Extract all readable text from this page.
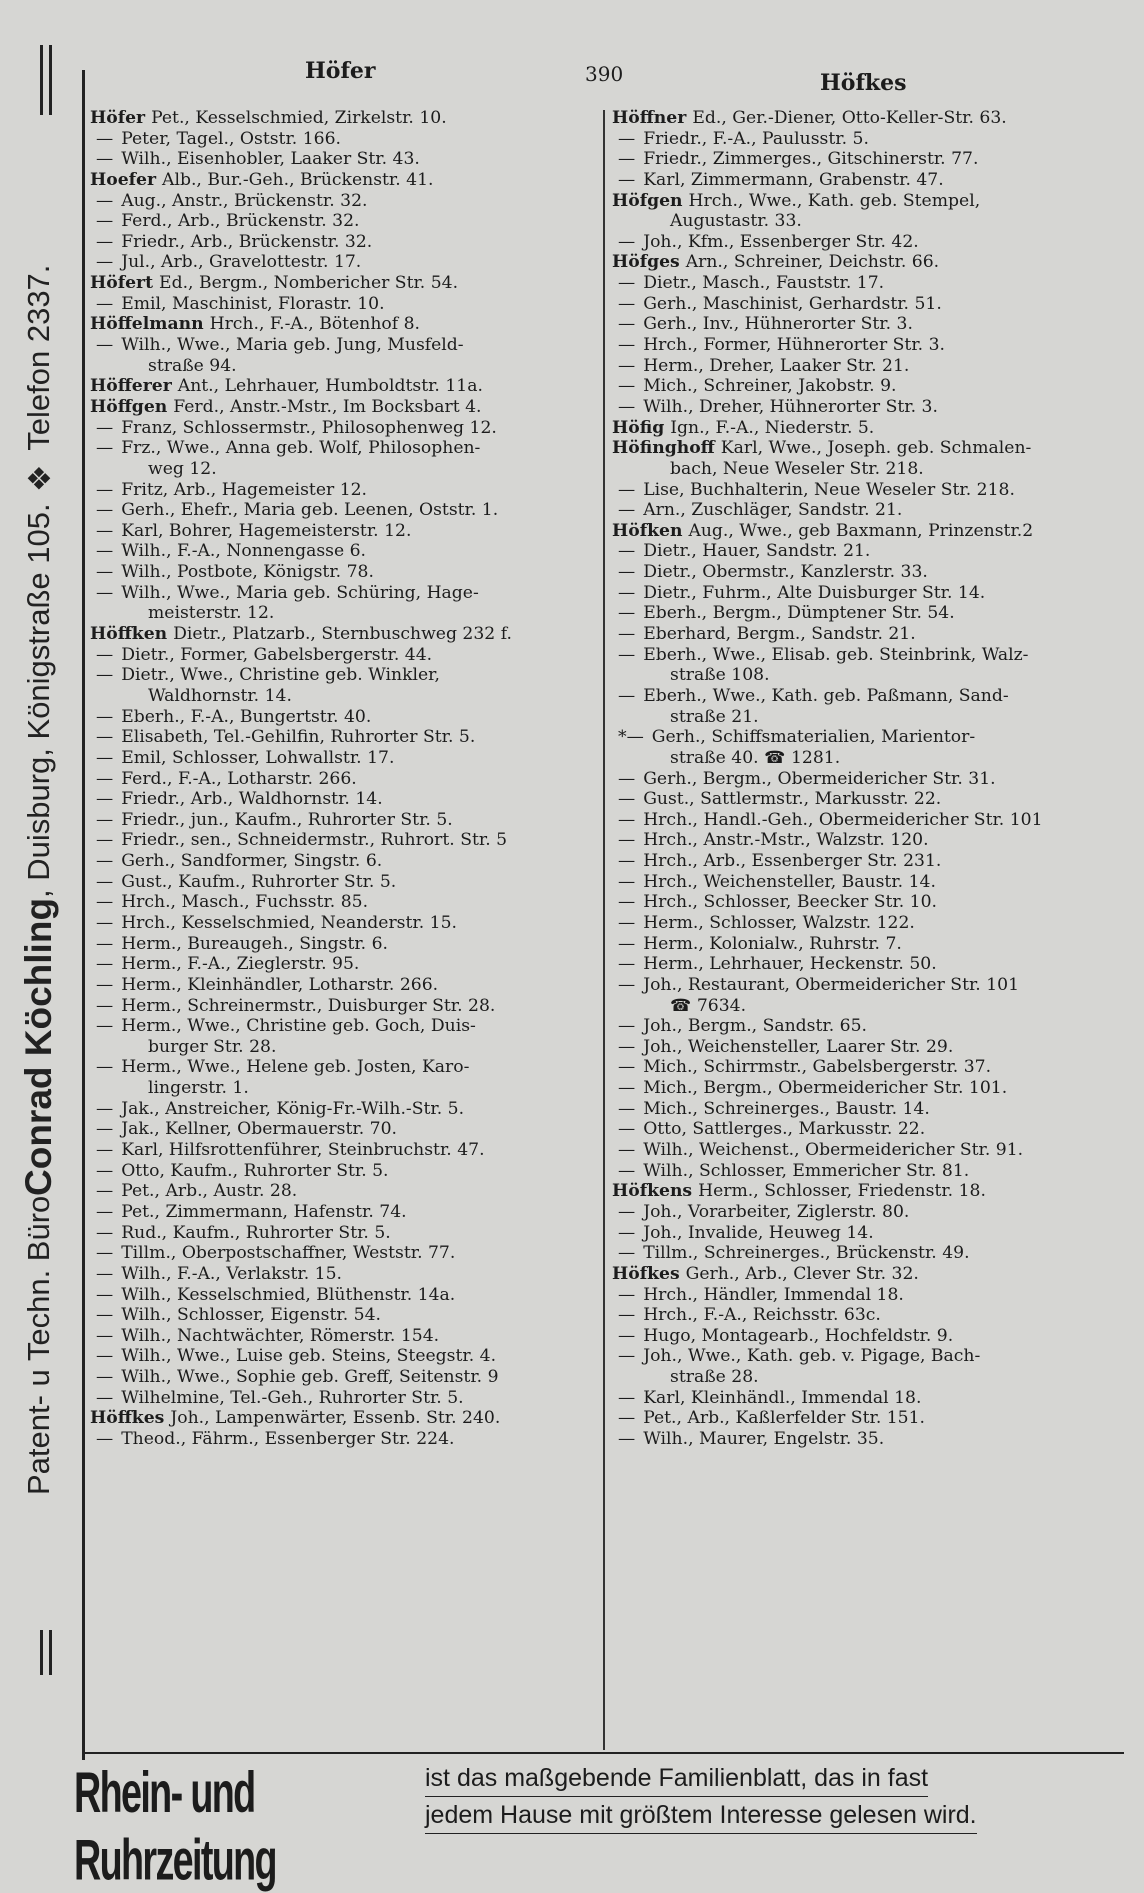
Patent- u Techn. Büro
Conrad Köchling
, Duisburg, Königstraße 105. ❖ Telefon 2337.
Höfer	390	Höfkes
Höfer Pet., Kesselschmied, Zirkelstr. 10.
— Peter, Tagel., Oststr. 166.
— Wilh., Eisenhobler, Laaker Str. 43.
Hoefer Alb., Bur.-Geh., Brückenstr. 41.
— Aug., Anstr., Brückenstr. 32.
— Ferd., Arb., Brückenstr. 32.
— Friedr., Arb., Brückenstr. 32.
— Jul., Arb., Gravelottestr. 17.
Höfert Ed., Bergm., Nombericher Str. 54.
— Emil, Maschinist, Florastr. 10.
Höffelmann Hrch., F.-A., Bötenhof 8.
— Wilh., Wwe., Maria geb. Jung, Musfeld-
straße 94.
Höfferer Ant., Lehrhauer, Humboldtstr. 11a.
Höffgen Ferd., Anstr.-Mstr., Im Bocksbart 4.
— Franz, Schlossermstr., Philosophenweg 12.
— Frz., Wwe., Anna geb. Wolf, Philosophen-
weg 12.
— Fritz, Arb., Hagemeister 12.
— Gerh., Ehefr., Maria geb. Leenen, Oststr. 1.
— Karl, Bohrer, Hagemeisterstr. 12.
— Wilh., F.-A., Nonnengasse 6.
— Wilh., Postbote, Königstr. 78.
— Wilh., Wwe., Maria geb. Schüring, Hage-
meisterstr. 12.
Höffken Dietr., Platzarb., Sternbuschweg 232 f.
— Dietr., Former, Gabelsbergerstr. 44.
— Dietr., Wwe., Christine geb. Winkler,
Waldhornstr. 14.
— Eberh., F.-A., Bungertstr. 40.
— Elisabeth, Tel.-Gehilfin, Ruhrorter Str. 5.
— Emil, Schlosser, Lohwallstr. 17.
— Ferd., F.-A., Lotharstr. 266.
— Friedr., Arb., Waldhornstr. 14.
— Friedr., jun., Kaufm., Ruhrorter Str. 5.
— Friedr., sen., Schneidermstr., Ruhrort. Str. 5
— Gerh., Sandformer, Singstr. 6.
— Gust., Kaufm., Ruhrorter Str. 5.
— Hrch., Masch., Fuchsstr. 85.
— Hrch., Kesselschmied, Neanderstr. 15.
— Herm., Bureaugeh., Singstr. 6.
— Herm., F.-A., Zieglerstr. 95.
— Herm., Kleinhändler, Lotharstr. 266.
— Herm., Schreinermstr., Duisburger Str. 28.
— Herm., Wwe., Christine geb. Goch, Duis-
burger Str. 28.
— Herm., Wwe., Helene geb. Josten, Karo-
lingerstr. 1.
— Jak., Anstreicher, König-Fr.-Wilh.-Str. 5.
— Jak., Kellner, Obermauerstr. 70.
— Karl, Hilfsrottenführer, Steinbruchstr. 47.
— Otto, Kaufm., Ruhrorter Str. 5.
— Pet., Arb., Austr. 28.
— Pet., Zimmermann, Hafenstr. 74.
— Rud., Kaufm., Ruhrorter Str. 5.
— Tillm., Oberpostschaffner, Weststr. 77.
— Wilh., F.-A., Verlakstr. 15.
— Wilh., Kesselschmied, Blüthenstr. 14a.
— Wilh., Schlosser, Eigenstr. 54.
— Wilh., Nachtwächter, Römerstr. 154.
— Wilh., Wwe., Luise geb. Steins, Steegstr. 4.
— Wilh., Wwe., Sophie geb. Greff, Seitenstr. 9
— Wilhelmine, Tel.-Geh., Ruhrorter Str. 5.
Höffkes Joh., Lampenwärter, Essenb. Str. 240.
— Theod., Fährm., Essenberger Str. 224.
Höffner Ed., Ger.-Diener, Otto-Keller-Str. 63.
— Friedr., F.-A., Paulusstr. 5.
— Friedr., Zimmerges., Gitschinerstr. 77.
— Karl, Zimmermann, Grabenstr. 47.
Höfgen Hrch., Wwe., Kath. geb. Stempel,
Augustastr. 33.
— Joh., Kfm., Essenberger Str. 42.
Höfges Arn., Schreiner, Deichstr. 66.
— Dietr., Masch., Fauststr. 17.
— Gerh., Maschinist, Gerhardstr. 51.
— Gerh., Inv., Hühnerorter Str. 3.
— Hrch., Former, Hühnerorter Str. 3.
— Herm., Dreher, Laaker Str. 21.
— Mich., Schreiner, Jakobstr. 9.
— Wilh., Dreher, Hühnerorter Str. 3.
Höfig Ign., F.-A., Niederstr. 5.
Höfinghoff Karl, Wwe., Joseph. geb. Schmalen-
bach, Neue Weseler Str. 218.
— Lise, Buchhalterin, Neue Weseler Str. 218.
— Arn., Zuschläger, Sandstr. 21.
Höfken Aug., Wwe., geb Baxmann, Prinzenstr.2
— Dietr., Hauer, Sandstr. 21.
— Dietr., Obermstr., Kanzlerstr. 33.
— Dietr., Fuhrm., Alte Duisburger Str. 14.
— Eberh., Bergm., Dümptener Str. 54.
— Eberhard, Bergm., Sandstr. 21.
— Eberh., Wwe., Elisab. geb. Steinbrink, Walz-
straße 108.
— Eberh., Wwe., Kath. geb. Paßmann, Sand-
straße 21.
*— Gerh., Schiffsmaterialien, Marientor-
straße 40. ☎ 1281.
— Gerh., Bergm., Obermeidericher Str. 31.
— Gust., Sattlermstr., Markusstr. 22.
— Hrch., Handl.-Geh., Obermeidericher Str. 101
— Hrch., Anstr.-Mstr., Walzstr. 120.
— Hrch., Arb., Essenberger Str. 231.
— Hrch., Weichensteller, Baustr. 14.
— Hrch., Schlosser, Beecker Str. 10.
— Herm., Schlosser, Walzstr. 122.
— Herm., Kolonialw., Ruhrstr. 7.
— Herm., Lehrhauer, Heckenstr. 50.
— Joh., Restaurant, Obermeidericher Str. 101
☎ 7634.
— Joh., Bergm., Sandstr. 65.
— Joh., Weichensteller, Laarer Str. 29.
— Mich., Schirrmstr., Gabelsbergerstr. 37.
— Mich., Bergm., Obermeidericher Str. 101.
— Mich., Schreinerges., Baustr. 14.
— Otto, Sattlerges., Markusstr. 22.
— Wilh., Weichenst., Obermeidericher Str. 91.
— Wilh., Schlosser, Emmericher Str. 81.
Höfkens Herm., Schlosser, Friedenstr. 18.
— Joh., Vorarbeiter, Ziglerstr. 80.
— Joh., Invalide, Heuweg 14.
— Tillm., Schreinerges., Brückenstr. 49.
Höfkes Gerh., Arb., Clever Str. 32.
— Hrch., Händler, Immendal 18.
— Hrch., F.-A., Reichsstr. 63c.
— Hugo, Montagearb., Hochfeldstr. 9.
— Joh., Wwe., Kath. geb. v. Pigage, Bach-
straße 28.
— Karl, Kleinhändl., Immendal 18.
— Pet., Arb., Kaßlerfelder Str. 151.
— Wilh., Maurer, Engelstr. 35.
Rhein- und Ruhrzeitung
ist das maßgebende Familienblatt, das in fast
jedem Hause mit größtem Interesse gelesen wird.
